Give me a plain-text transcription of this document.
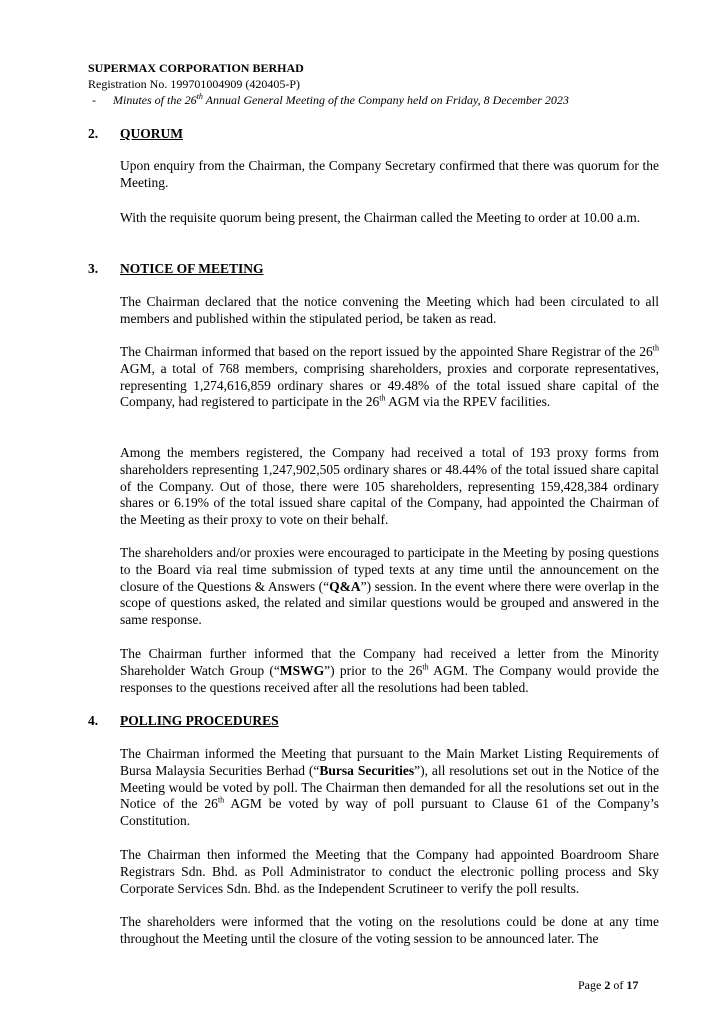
SUPERMAX CORPORATION BERHAD
Registration No. 199701004909 (420405-P)
- Minutes of the 26th Annual General Meeting of the Company held on Friday, 8 December 2023
2. QUORUM

Upon enquiry from the Chairman, the Company Secretary confirmed that there was quorum for the Meeting.

With the requisite quorum being present, the Chairman called the Meeting to order at 10.00 a.m.

3. NOTICE OF MEETING

The Chairman declared that the notice convening the Meeting which had been circulated to all members and published within the stipulated period, be taken as read.

The Chairman informed that based on the report issued by the appointed Share Registrar of the 26th AGM, a total of 768 members, comprising shareholders, proxies and corporate representatives, representing 1,274,616,859 ordinary shares or 49.48% of the total issued share capital of the Company, had registered to participate in the 26th AGM via the RPEV facilities.

Among the members registered, the Company had received a total of 193 proxy forms from shareholders representing 1,247,902,505 ordinary shares or 48.44% of the total issued share capital of the Company. Out of those, there were 105 shareholders, representing 159,428,384 ordinary shares or 6.19% of the total issued share capital of the Company, had appointed the Chairman of the Meeting as their proxy to vote on their behalf.

The shareholders and/or proxies were encouraged to participate in the Meeting by posing questions to the Board via real time submission of typed texts at any time until the announcement on the closure of the Questions & Answers (“Q&A”) session. In the event where there were overlap in the scope of questions asked, the related and similar questions would be grouped and answered in the same response.

The Chairman further informed that the Company had received a letter from the Minority Shareholder Watch Group (“MSWG”) prior to the 26th AGM. The Company would provide the responses to the questions received after all the resolutions had been tabled.

4. POLLING PROCEDURES

The Chairman informed the Meeting that pursuant to the Main Market Listing Requirements of Bursa Malaysia Securities Berhad (“Bursa Securities”), all resolutions set out in the Notice of the Meeting would be voted by poll. The Chairman then demanded for all the resolutions set out in the Notice of the 26th AGM be voted by way of poll pursuant to Clause 61 of the Company’s Constitution.

The Chairman then informed the Meeting that the Company had appointed Boardroom Share Registrars Sdn. Bhd. as Poll Administrator to conduct the electronic polling process and Sky Corporate Services Sdn. Bhd. as the Independent Scrutineer to verify the poll results.

The shareholders were informed that the voting on the resolutions could be done at any time throughout the Meeting until the closure of the voting session to be announced later. The

Page 2 of 17
